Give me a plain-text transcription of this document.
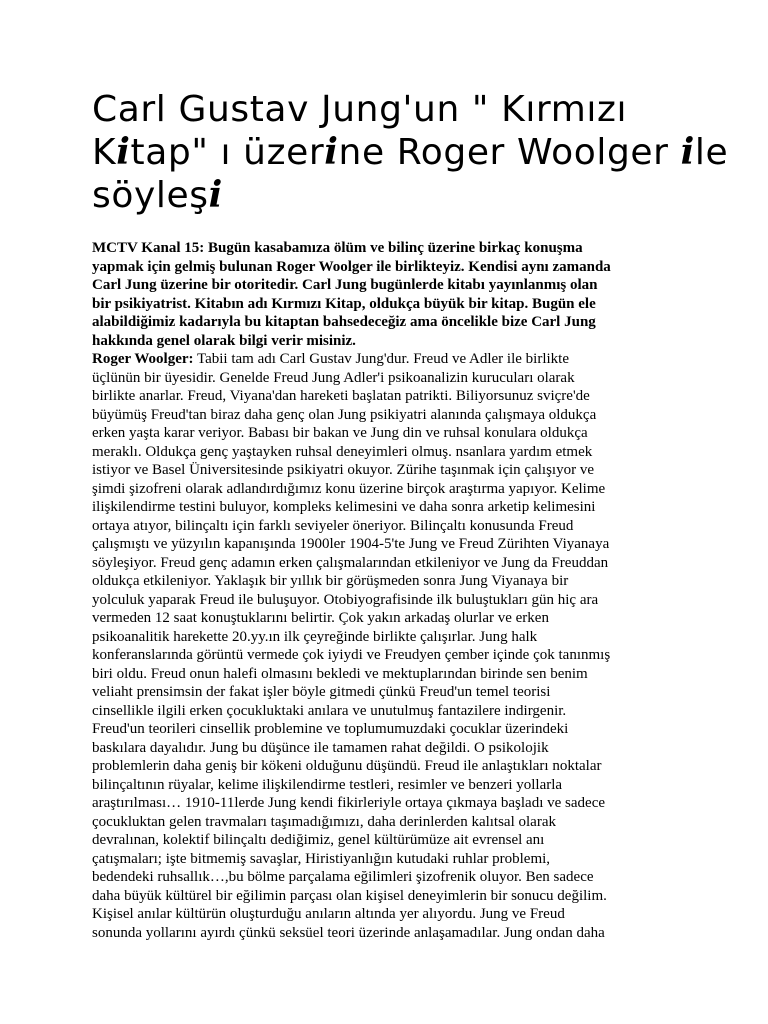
Carl Gustav Jung'un " Kırmızı
Kitap" ı üzerine Roger Woolger ile
söyleşi
MCTV Kanal 15: Bugün kasabamıza ölüm ve bilinç üzerine birkaç konuşma
yapmak için gelmiş bulunan Roger Woolger ile birlikteyiz. Kendisi aynı zamanda
Carl Jung üzerine bir otoritedir. Carl Jung bugünlerde kitabı yayınlanmış olan
bir psikiyatrist. Kitabın adı Kırmızı Kitap, oldukça büyük bir kitap. Bugün ele
alabildiğimiz kadarıyla bu kitaptan bahsedeceğiz ama öncelikle bize Carl Jung
hakkında genel olarak bilgi verir misiniz.
Roger Woolger: Tabii tam adı Carl Gustav Jung'dur. Freud ve Adler ile birlikte
üçlünün bir üyesidir. Genelde Freud Jung Adler'i psikoanalizin kurucuları olarak
birlikte anarlar. Freud, Viyana'dan hareketi başlatan patrikti. Biliyorsunuz sviçre'de
büyümüş Freud'tan biraz daha genç olan Jung psikiyatri alanında çalışmaya oldukça
erken yaşta karar veriyor. Babası bir bakan ve Jung din ve ruhsal konulara oldukça
meraklı. Oldukça genç yaştayken ruhsal deneyimleri olmuş. nsanlara yardım etmek
istiyor ve Basel Üniversitesinde psikiyatri okuyor. Zürihe taşınmak için çalışıyor ve
şimdi şizofreni olarak adlandırdığımız konu üzerine birçok araştırma yapıyor. Kelime
ilişkilendirme testini buluyor, kompleks kelimesini ve daha sonra arketip kelimesini
ortaya atıyor, bilinçaltı için farklı seviyeler öneriyor. Bilinçaltı konusunda Freud
çalışmıştı ve yüzyılın kapanışında 1900ler 1904-5'te Jung ve Freud Zürihten Viyanaya
söyleşiyor. Freud genç adamın erken çalışmalarından etkileniyor ve Jung da Freuddan
oldukça etkileniyor. Yaklaşık bir yıllık bir görüşmeden sonra Jung Viyanaya bir
yolculuk yaparak Freud ile buluşuyor. Otobiyografisinde ilk buluştukları gün hiç ara
vermeden 12 saat konuştuklarını belirtir. Çok yakın arkadaş olurlar ve erken
psikoanalitik harekette 20.yy.ın ilk çeyreğinde birlikte çalışırlar. Jung halk
konferanslarında görüntü vermede çok iyiydi ve Freudyen çember içinde çok tanınmış
biri oldu. Freud onun halefi olmasını bekledi ve mektuplarından birinde sen benim
veliaht prensimsin der fakat işler böyle gitmedi çünkü Freud'un temel teorisi
cinsellikle ilgili erken çocukluktaki anılara ve unutulmuş fantazilere indirgenir.
Freud'un teorileri cinsellik problemine ve toplumumuzdaki çocuklar üzerindeki
baskılara dayalıdır. Jung bu düşünce ile tamamen rahat değildi. O psikolojik
problemlerin daha geniş bir kökeni olduğunu düşündü. Freud ile anlaştıkları noktalar
bilinçaltının rüyalar, kelime ilişkilendirme testleri, resimler ve benzeri yollarla
araştırılması… 1910-11lerde Jung kendi fikirleriyle ortaya çıkmaya başladı ve sadece
çocukluktan gelen travmaları taşımadığımızı, daha derinlerden kalıtsal olarak
devralınan, kolektif bilinçaltı dediğimiz, genel kültürümüze ait evrensel anı
çatışmaları; işte bitmemiş savaşlar, Hiristiyanlığın kutudaki ruhlar problemi,
bedendeki ruhsallık…,bu bölme parçalama eğilimleri şizofrenik oluyor. Ben sadece
daha büyük kültürel bir eğilimin parçası olan kişisel deneyimlerin bir sonucu değilim.
Kişisel anılar kültürün oluşturduğu anıların altında yer alıyordu. Jung ve Freud
sonunda yollarını ayırdı çünkü seksüel teori üzerinde anlaşamadılar. Jung ondan daha
